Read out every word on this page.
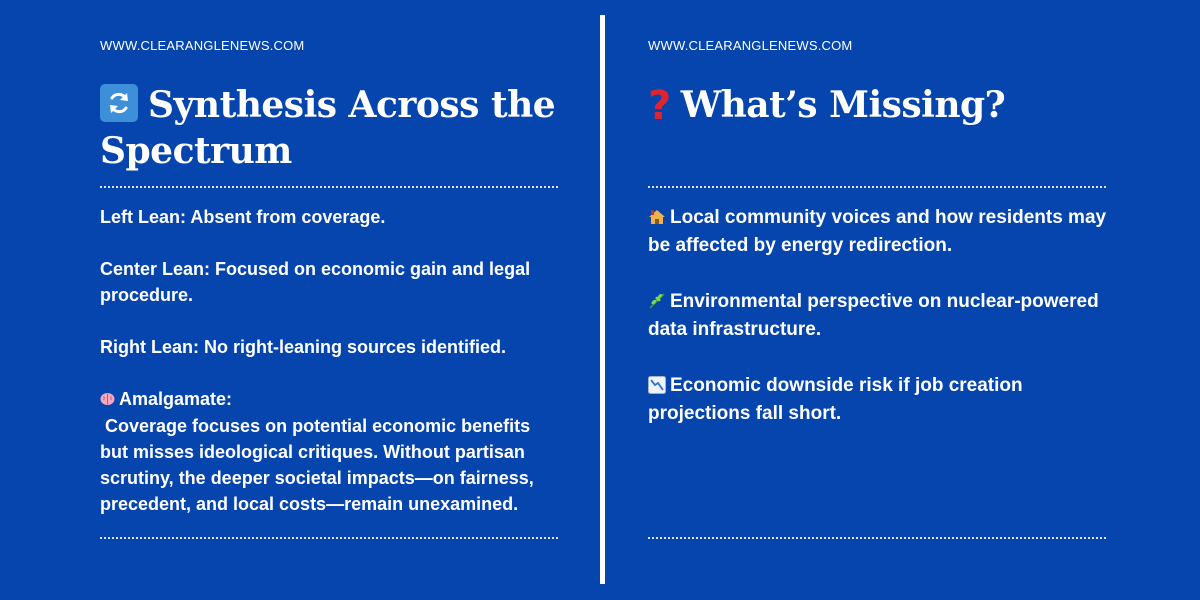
WWW.CLEARANGLENEWS.COM
Synthesis Across the Spectrum

Left Lean: Absent from coverage.

Center Lean: Focused on economic gain and legal procedure.

Right Lean: No right-leaning sources identified.

Amalgamate:
Coverage focuses on potential economic benefits but misses ideological critiques. Without partisan scrutiny, the deeper societal impacts—on fairness, precedent, and local costs—remain unexamined.

WWW.CLEARANGLENEWS.COM
? What’s Missing?

Local community voices and how residents may be affected by energy redirection.

Environmental perspective on nuclear-powered data infrastructure.

Economic downside risk if job creation projections fall short.
